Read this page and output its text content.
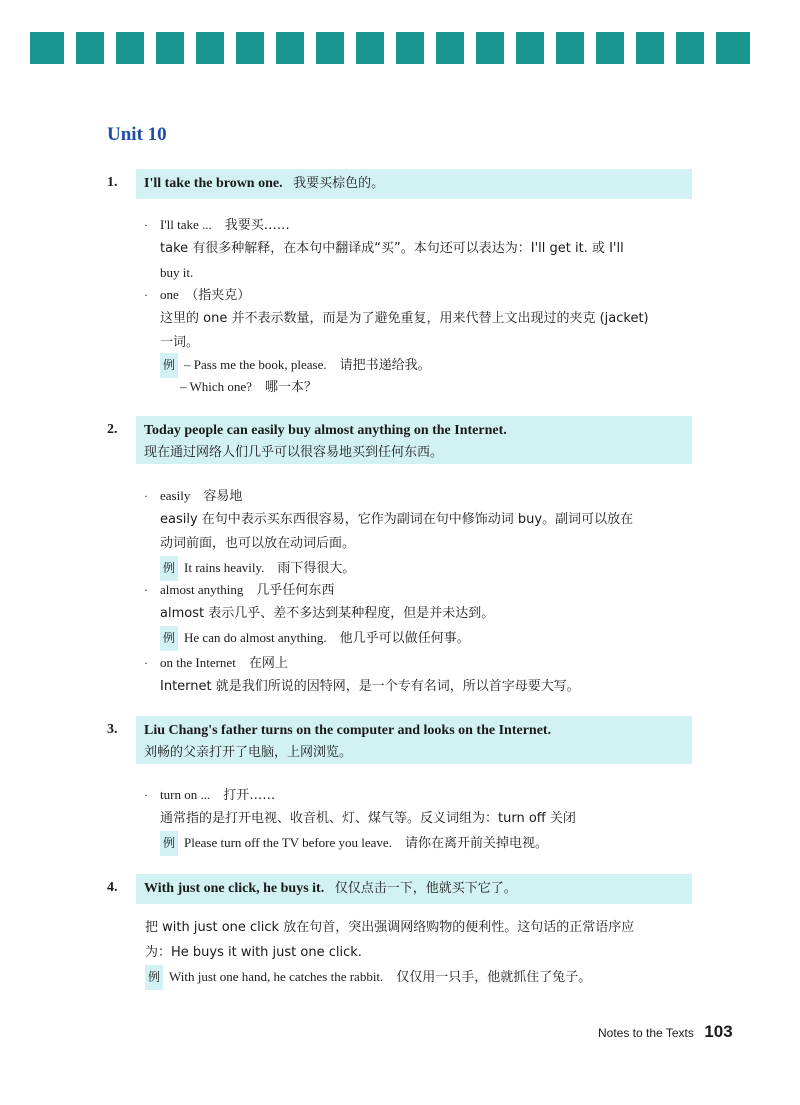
Unit 10
1.	I'll take the brown one. 我要买棕色的。
· I'll take ... 我要买……
take 有很多种解释，在本句中翻译成“买”。本句还可以表达为：I'll get it. 或 I'll
buy it.
· one （指夹克）
这里的 one 并不表示数量，而是为了避免重复，用来代替上文出现过的夹克 (jacket)
一词。
例 – Pass me the book, please.　请把书递给我。
– Which one?　哪一本？
2. Today people can easily buy almost anything on the Internet.
现在通过网络人们几乎可以很容易地买到任何东西。
· easily 容易地
easily 在句中表示买东西很容易，它作为副词在句中修饰动词 buy。副词可以放在
动词前面，也可以放在动词后面。
例 It rains heavily.　雨下得很大。
· almost anything 几乎任何东西
almost 表示几乎、差不多达到某种程度，但是并未达到。
例 He can do almost anything.　他几乎可以做任何事。
· on the Internet 在网上
Internet 就是我们所说的因特网，是一个专有名词，所以首字母要大写。
3. Liu Chang's father turns on the computer and looks on the Internet.
刘畅的父亲打开了电脑，上网浏览。
· turn on ... 打开……
通常指的是打开电视、收音机、灯、煤气等。反义词组为：turn off 关闭
例 Please turn off the TV before you leave.　请你在离开前关掉电视。
4.	With just one click, he buys it. 仅仅点击一下，他就买下它了。
把 with just one click 放在句首，突出强调网络购物的便利性。这句话的正常语序应
为：He buys it with just one click.
例 With just one hand, he catches the rabbit.　仅仅用一只手，他就抓住了兔子。
Notes to the Texts 103
